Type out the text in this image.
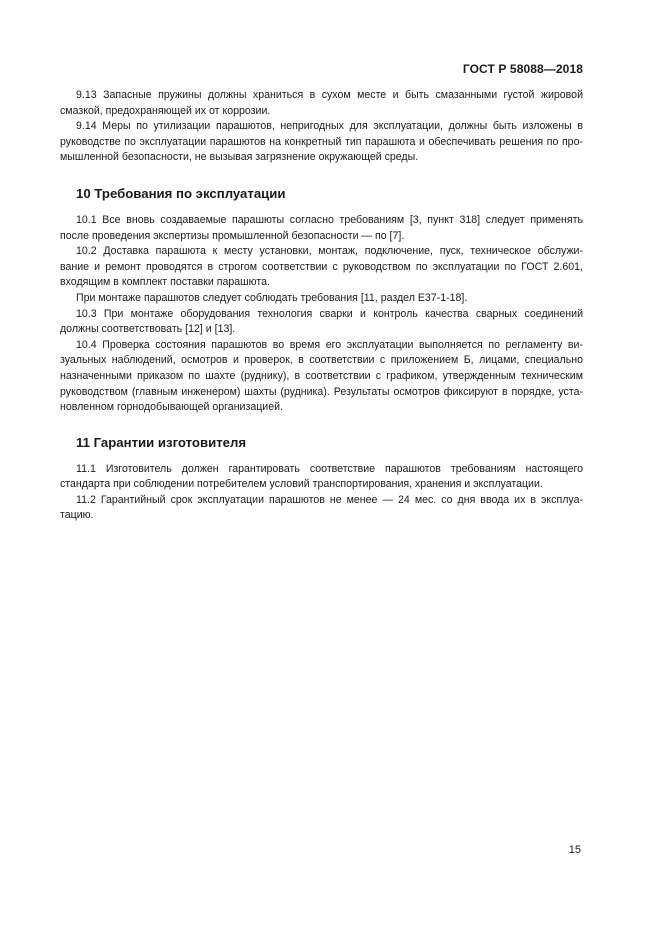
ГОСТ Р 58088—2018
9.13 Запасные пружины должны храниться в сухом месте и быть смазанными густой жировой
смазкой, предохраняющей их от коррозии.
9.14 Меры по утилизации парашютов, непригодных для эксплуатации, должны быть изложены в
руководстве по эксплуатации парашютов на конкретный тип парашюта и обеспечивать решения по про-
мышленной безопасности, не вызывая загрязнение окружающей среды.
10 Требования по эксплуатации
10.1 Все вновь создаваемые парашюты согласно требованиям [3, пункт 318] следует применять
после проведения экспертизы промышленной безопасности — по [7].
10.2 Доставка парашюта к месту установки, монтаж, подключение, пуск, техническое обслужи-
вание и ремонт проводятся в строгом соответствии с руководством по эксплуатации по ГОСТ 2.601,
входящим в комплект поставки парашюта.
При монтаже парашютов следует соблюдать требования [11, раздел Е37-1-18].
10.3 При монтаже оборудования технология сварки и контроль качества сварных соединений
должны соответствовать [12] и [13].
10.4 Проверка состояния парашютов во время его эксплуатации выполняется по регламенту ви-
зуальных наблюдений, осмотров и проверок, в соответствии с приложением Б, лицами, специально
назначенными приказом по шахте (руднику), в соответствии с графиком, утвержденным техническим
руководством (главным инженером) шахты (рудника). Результаты осмотров фиксируют в порядке, уста-
новленном горнодобывающей организацией.
11 Гарантии изготовителя
11.1 Изготовитель должен гарантировать соответствие парашютов требованиям настоящего
стандарта при соблюдении потребителем условий транспортирования, хранения и эксплуатации.
11.2 Гарантийный срок эксплуатации парашютов не менее — 24 мес. со дня ввода их в эксплуа-
тацию.
15
